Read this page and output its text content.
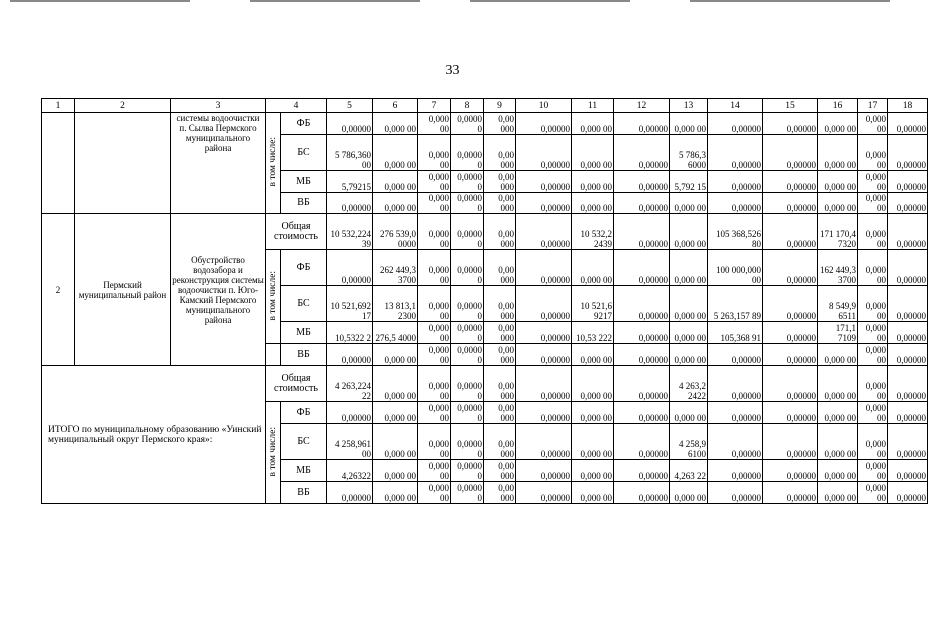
33
1	2	3	4		5	6	7	8	9	10	11	12	13	14	15	16	17	18
		системы водоочистки п. Сылва Пермского муниципального района	в том числе:	ФБ	0,00000	0,000 00	0,000 00	0,0000 0	0,00 000	0,00000	0,000 00	0,00000	0,000 00	0,00000	0,00000	0,000 00	0,000 00	0,00000
				БС	5 786,360 00	0,000 00	0,000 00	0,0000 0	0,00 000	0,00000	0,000 00	0,00000	5 786,3 6000	0,00000	0,00000	0,000 00	0,000 00	0,00000
				МБ	5,79215	0,000 00	0,000 00	0,0000 0	0,00 000	0,00000	0,000 00	0,00000	5,792 15	0,00000	0,00000	0,000 00	0,000 00	0,00000
				ВБ	0,00000	0,000 00	0,000 00	0,0000 0	0,00 000	0,00000	0,000 00	0,00000	0,000 00	0,00000	0,00000	0,000 00	0,000 00	0,00000
2	Пермский муниципальный район	Обустройство водозабора и реконструкция системы водоочистки п. Юго-Камский Пермского муниципального района	Общая стоимость		10 532,224 39	276 539,0 0000	0,000 00	0,0000 0	0,00 000	0,00000	10 532,2 2439	0,00000	0,000 00	105 368,526 80	0,00000	171 170,4 7320	0,000 00	0,00000
			в том числе:	ФБ	0,00000	262 449,3 3700	0,000 00	0,0000 0	0,00 000	0,00000	0,000 00	0,00000	0,000 00	100 000,000 00	0,00000	162 449,3 3700	0,000 00	0,00000
				БС	10 521,692 17	13 813,1 2300	0,000 00	0,0000 0	0,00 000	0,00000	10 521,6 9217	0,00000	0,000 00	5 263,157 89	0,00000	8 549,9 6511	0,000 00	0,00000
				МБ	10,5322 2	276,5 4000	0,000 00	0,0000 0	0,00 000	0,00000	10,53 222	0,00000	0,000 00	105,368 91	0,00000	171,1 7109	0,000 00	0,00000
				ВБ	0,00000	0,000 00	0,000 00	0,0000 0	0,00 000	0,00000	0,000 00	0,00000	0,000 00	0,00000	0,00000	0,000 00	0,000 00	0,00000
ИТОГО по муниципальному образованию «Уинский муниципальный округ Пермского края»:			Общая стоимость		4 263,224 22	0,000 00	0,000 00	0,0000 0	0,00 000	0,00000	0,000 00	0,00000	4 263,2 2422	0,00000	0,00000	0,000 00	0,000 00	0,00000
			в том числе:	ФБ	0,00000	0,000 00	0,000 00	0,0000 0	0,00 000	0,00000	0,000 00	0,00000	0,000 00	0,00000	0,00000	0,000 00	0,000 00	0,00000
				БС	4 258,961 00	0,000 00	0,000 00	0,0000 0	0,00 000	0,00000	0,000 00	0,00000	4 258,9 6100	0,00000	0,00000	0,000 00	0,000 00	0,00000
				МБ	4,26322	0,000 00	0,000 00	0,0000 0	0,00 000	0,00000	0,000 00	0,00000	4,263 22	0,00000	0,00000	0,000 00	0,000 00	0,00000
				ВБ	0,00000	0,000 00	0,000 00	0,0000 0	0,00 000	0,00000	0,000 00	0,00000	0,000 00	0,00000	0,00000	0,000 00	0,000 00	0,00000
